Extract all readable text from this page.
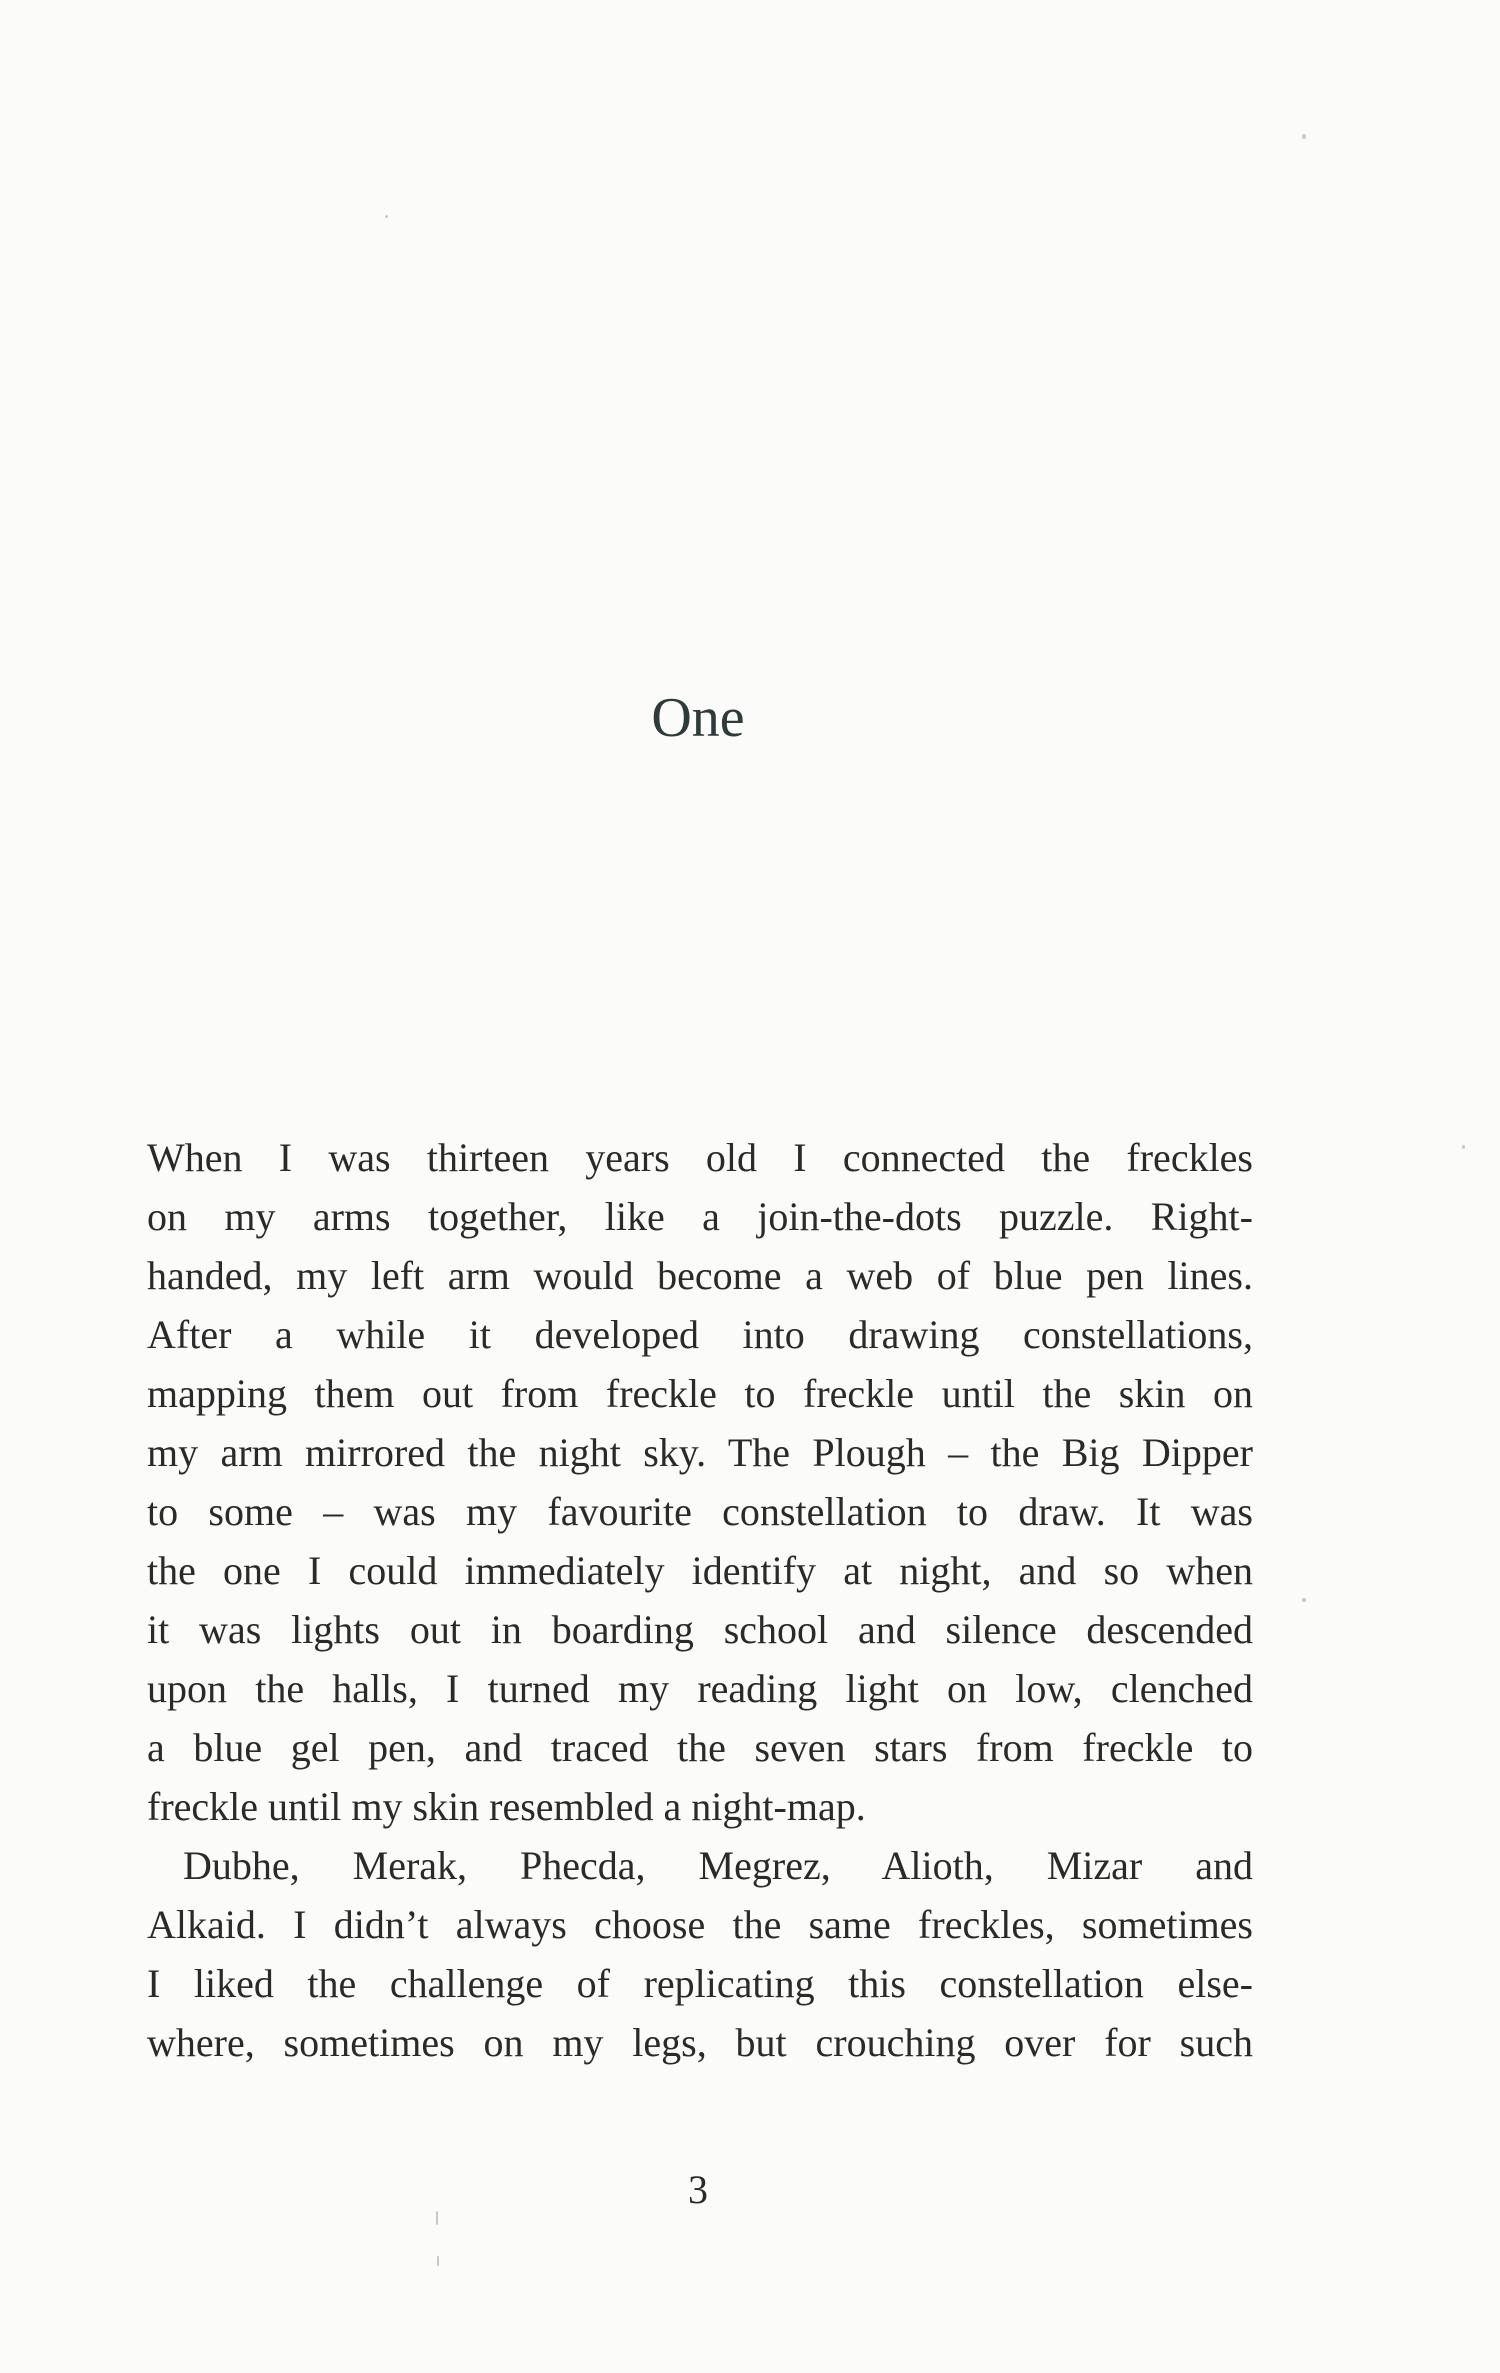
One
When I was thirteen years old I connected the freckles
on my arms together, like a join-the-dots puzzle. Right-
handed, my left arm would become a web of blue pen lines.
After a while it developed into drawing constellations,
mapping them out from freckle to freckle until the skin on
my arm mirrored the night sky. The Plough – the Big Dipper
to some – was my favourite constellation to draw. It was
the one I could immediately identify at night, and so when
it was lights out in boarding school and silence descended
upon the halls, I turned my reading light on low, clenched
a blue gel pen, and traced the seven stars from freckle to
freckle until my skin resembled a night-map.
Dubhe, Merak, Phecda, Megrez, Alioth, Mizar and
Alkaid. I didn’t always choose the same freckles, sometimes
I liked the challenge of replicating this constellation else-
where, sometimes on my legs, but crouching over for such
3
